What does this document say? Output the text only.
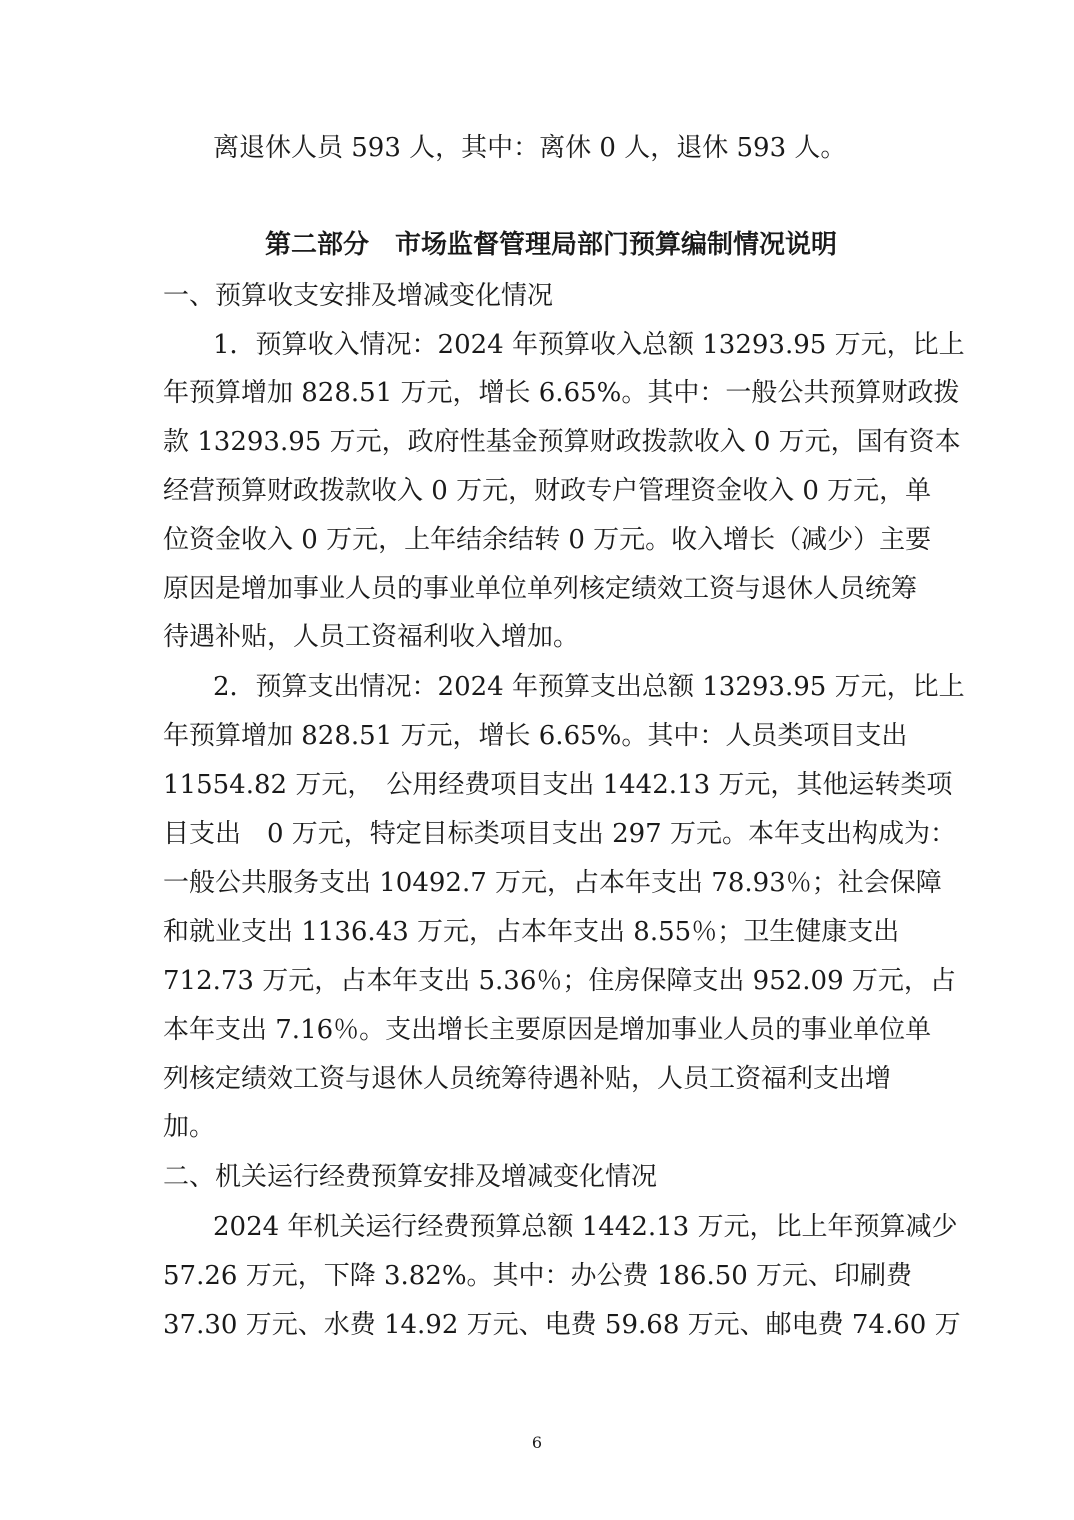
离退休人员 593 人，其中：离休 0 人，退休 593 人。
第二部分　市场监督管理局部门预算编制情况说明
一、预算收支安排及增减变化情况
1．预算收入情况：2024 年预算收入总额 13293.95 万元，比上
年预算增加 828.51 万元，增长 6.65%。其中：一般公共预算财政拨
款 13293.95 万元，政府性基金预算财政拨款收入 0 万元，国有资本
经营预算财政拨款收入 0 万元，财政专户管理资金收入 0 万元，单
位资金收入 0 万元，上年结余结转 0 万元。收入增长（减少）主要
原因是增加事业人员的事业单位单列核定绩效工资与退休人员统筹
待遇补贴，人员工资福利收入增加。
2．预算支出情况：2024 年预算支出总额 13293.95 万元，比上
年预算增加 828.51 万元，增长 6.65%。其中：人员类项目支出
11554.82 万元，　公用经费项目支出 1442.13 万元，其他运转类项
目支出　0 万元，特定目标类项目支出 297 万元。本年支出构成为：
一般公共服务支出 10492.7 万元，占本年支出 78.93％；社会保障
和就业支出 1136.43 万元，占本年支出 8.55％；卫生健康支出
712.73 万元，占本年支出 5.36％；住房保障支出 952.09 万元，占
本年支出 7.16％。支出增长主要原因是增加事业人员的事业单位单
列核定绩效工资与退休人员统筹待遇补贴，人员工资福利支出增
加。
二、机关运行经费预算安排及增减变化情况
2024 年机关运行经费预算总额 1442.13 万元，比上年预算减少
57.26 万元，下降 3.82%。其中：办公费 186.50 万元、印刷费
37.30 万元、水费 14.92 万元、电费 59.68 万元、邮电费 74.60 万
6
